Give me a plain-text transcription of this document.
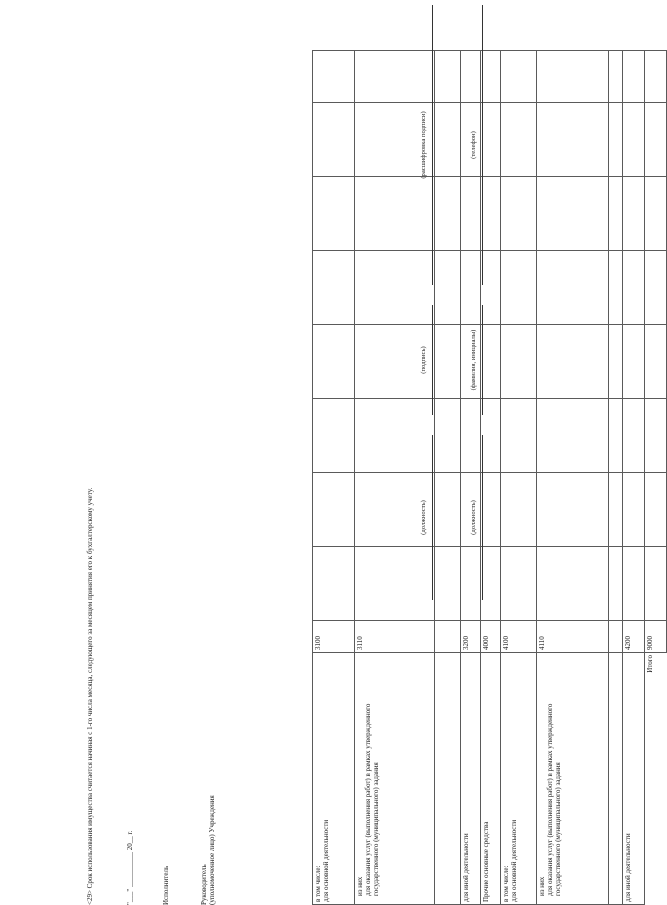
в том числе: для основной деятельности	3100								

из них для оказания услуг (выполнения работ) в рамках утвержденного государственного (муниципального) задания	3110								

для иной деятельности	3200								
Прочие основные средства	4000								

в том числе: для основной деятельности	4100								

из них для оказания услуг (выполнения работ) в рамках утвержденного государственного (муниципального) задания	4110								

для иной деятельности	4200								
Итого	9000								
Руководитель (уполномоченное лицо) Учреждения
(должность)
(подпись)
(расшифровка подписи)
Исполнитель
(должность)
(фамилия, инициалы)
(телефон)
"___" __________ 20__ г.
<29> Срок использования имущества считается начиная с 1-го числа месяца, следующего за месяцем принятия его к бухгалтерскому учету.
